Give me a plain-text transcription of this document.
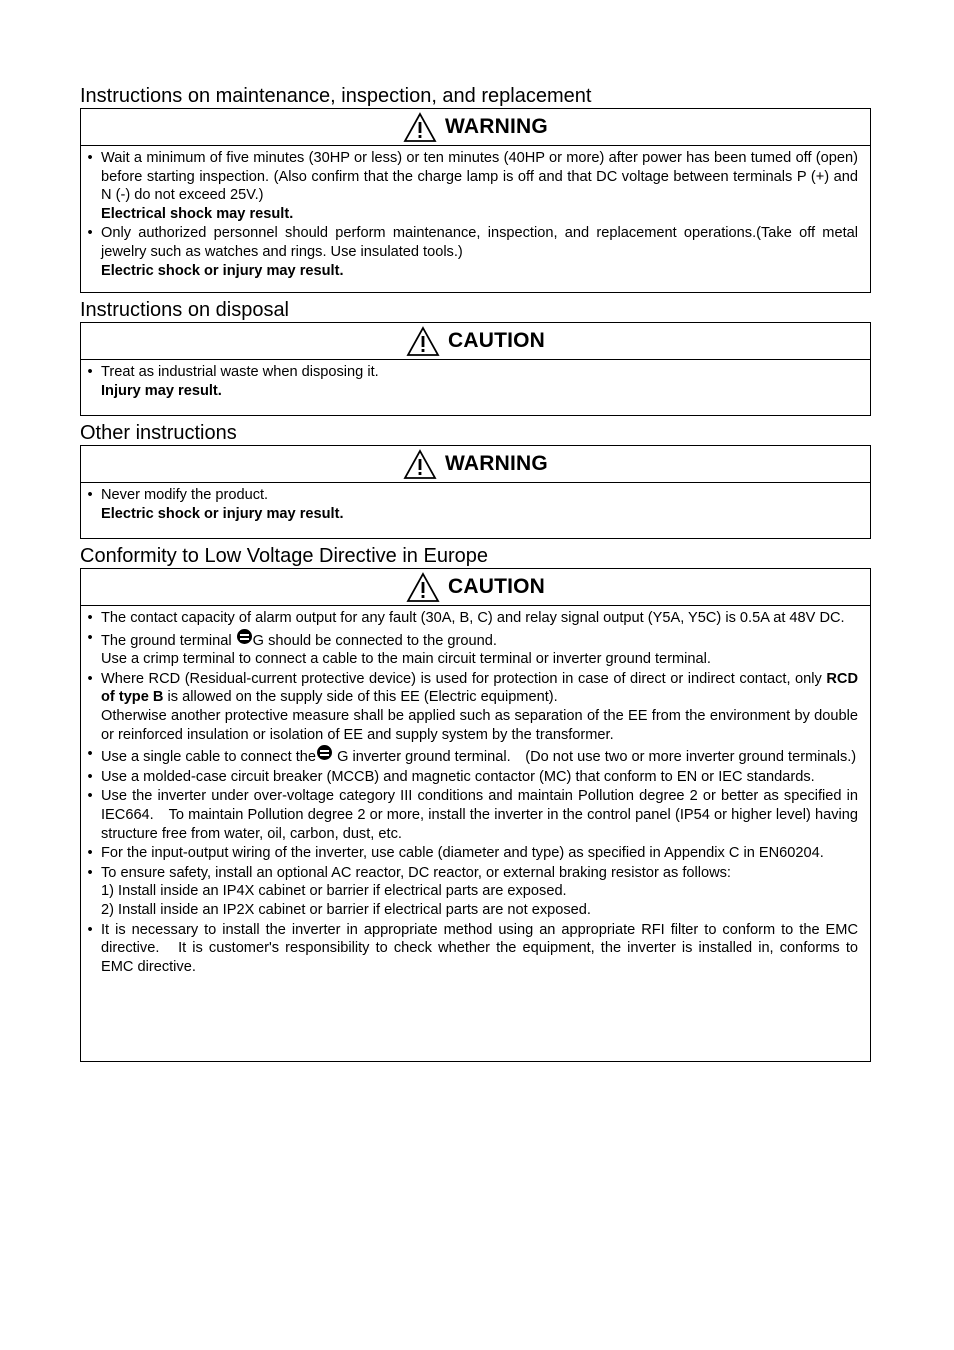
Instructions on maintenance, inspection, and replacement
WARNING
• Wait a minimum of five minutes (30HP or less) or ten minutes (40HP or more) after power has been tumed off (open) before starting inspection. (Also confirm that the charge lamp is off and that DC voltage between terminals P (+) and N (-) do not exceed 25V.)
Electrical shock may result.
• Only authorized personnel should perform maintenance, inspection, and replacement operations.(Take off metal jewelry such as watches and rings. Use insulated tools.)
Electric shock or injury may result.
Instructions on disposal
CAUTION
• Treat as industrial waste when disposing it.
Injury may result.
Other instructions
WARNING
• Never modify the product.
Electric shock or injury may result.
Conformity to Low Voltage Directive in Europe
CAUTION
• The contact capacity of alarm output for any fault (30A, B, C) and relay signal output (Y5A, Y5C) is 0.5A at 48V DC.
• The ground terminal G should be connected to the ground.
Use a crimp terminal to connect a cable to the main circuit terminal or inverter ground terminal.
• Where RCD (Residual-current protective device) is used for protection in case of direct or indirect contact, only RCD of type B is allowed on the supply side of this EE (Electric equipment).
Otherwise another protective measure shall be applied such as separation of the EE from the environment by double or reinforced insulation or isolation of EE and supply system by the transformer.
• Use a single cable to connect the G inverter ground terminal.　(Do not use two or more inverter ground terminals.)
• Use a molded-case circuit breaker (MCCB) and magnetic contactor (MC) that conform to EN or IEC standards.
• Use the inverter under over-voltage category III conditions and maintain Pollution degree 2 or better as specified in IEC664.　To maintain Pollution degree 2 or more, install the inverter in the control panel (IP54 or higher level) having structure free from water, oil, carbon, dust, etc.
• For the input-output wiring of the inverter, use cable (diameter and type) as specified in Appendix C in EN60204.
• To ensure safety, install an optional AC reactor, DC reactor, or external braking resistor as follows:
1) Install inside an IP4X cabinet or barrier if electrical parts are exposed.
2) Install inside an IP2X cabinet or barrier if electrical parts are not exposed.
• It is necessary to install the inverter in appropriate method using an appropriate RFI filter to conform to the EMC directive.　It is customer's responsibility to check whether the equipment, the inverter is installed in, conforms to EMC directive.
